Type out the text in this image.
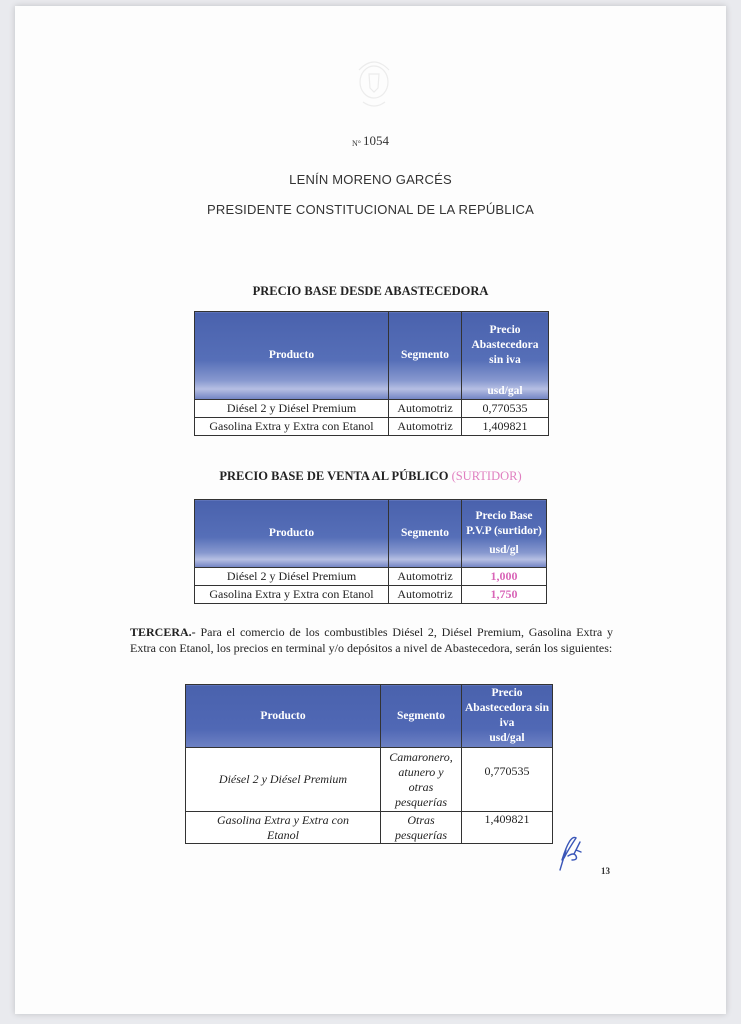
N° 1054
LENÍN MORENO GARCÉS
PRESIDENTE CONSTITUCIONAL DE LA REPÚBLICA
PRECIO BASE DESDE ABASTECEDORA
Producto	Segmento	Precio Abastecedora sin iva
usd/gal

Diésel 2 y Diésel Premium	Automotriz	0,770535
Gasolina Extra y Extra con Etanol	Automotriz	1,409821
PRECIO BASE DE VENTA AL PÚBLICO (SURTIDOR)
Producto	Segmento	Precio Base P.V.P (surtidor)
usd/gl

Diésel 2 y Diésel Premium	Automotriz	1,000
Gasolina Extra y Extra con Etanol	Automotriz	1,750
TERCERA.- Para el comercio de los combustibles Diésel 2, Diésel Premium, Gasolina Extra y Extra con Etanol, los precios en terminal y/o depósitos a nivel de Abastecedora, serán los siguientes:
Producto	Segmento	Precio Abastecedora sin iva
usd/gal

Diésel 2 y Diésel Premium	Camaronero, atunero y otras pesquerías	0,770535
Gasolina Extra y Extra con Etanol	Otras pesquerías	1,409821
13
